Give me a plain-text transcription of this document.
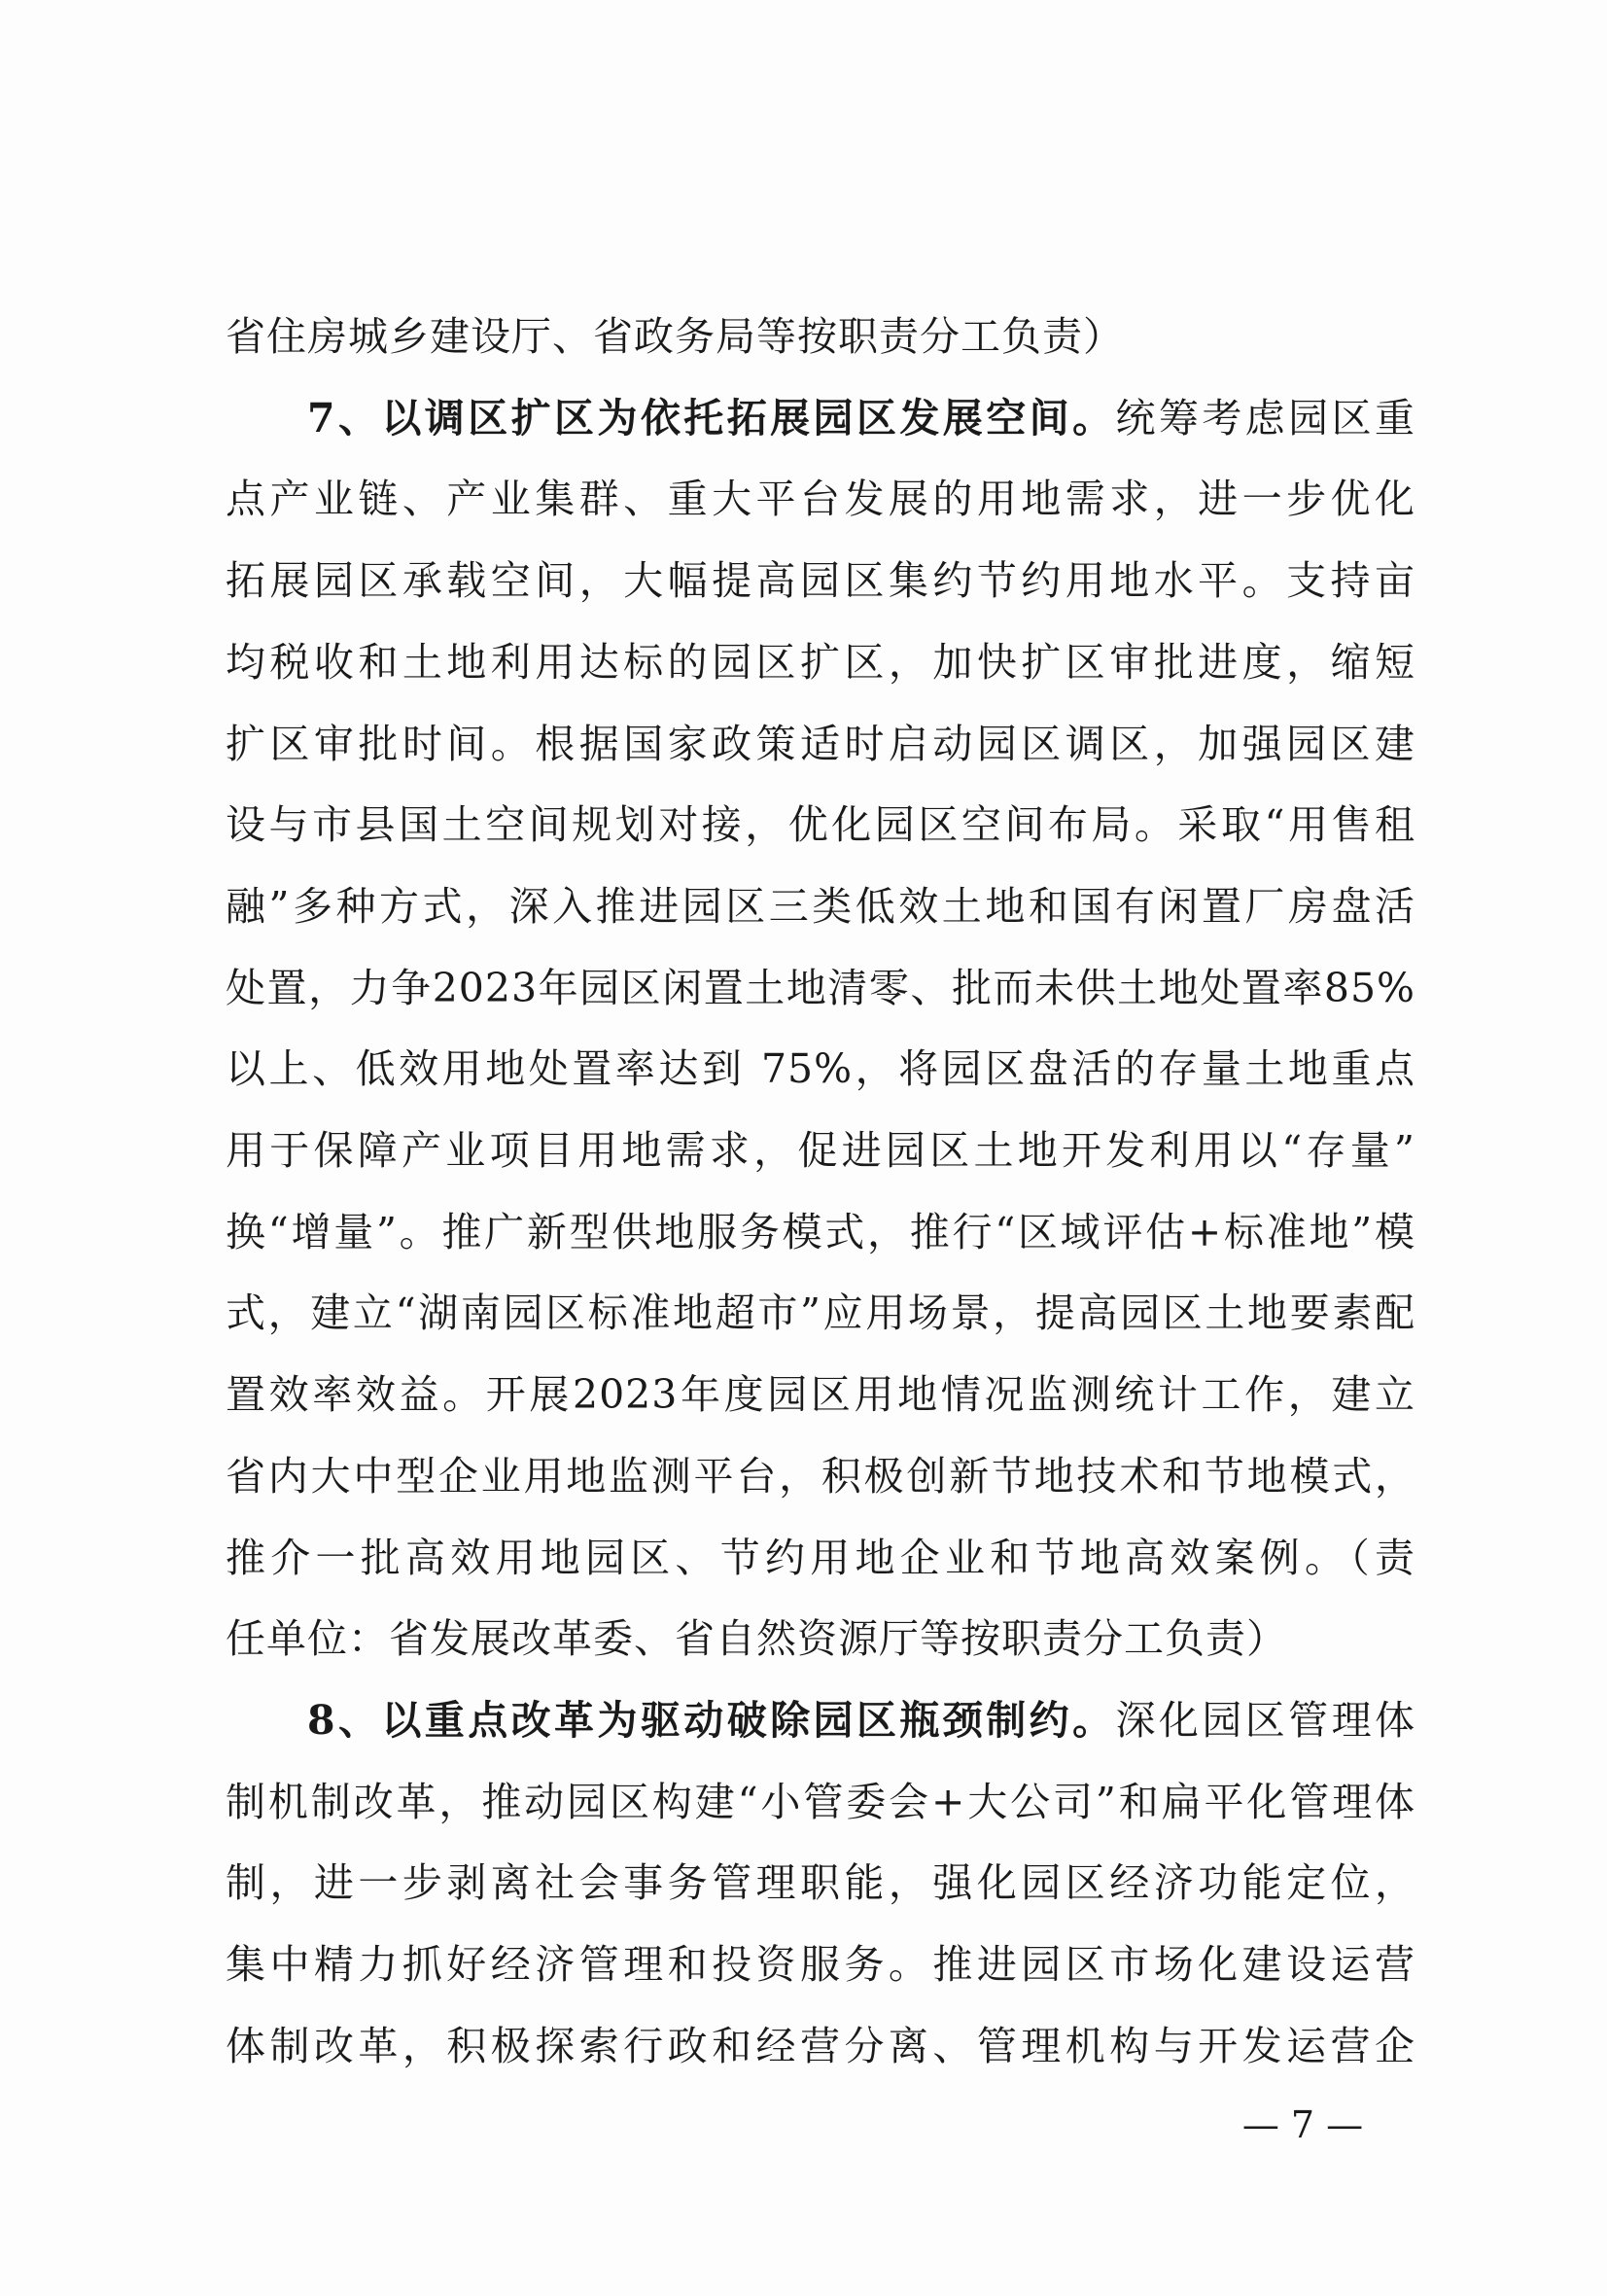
省住房城乡建设厅、省政务局等按职责分工负责）
7、以调区扩区为依托拓展园区发展空间。统筹考虑园区重
点产业链、产业集群、重大平台发展的用地需求，进一步优化
拓展园区承载空间，大幅提高园区集约节约用地水平。支持亩
均税收和土地利用达标的园区扩区，加快扩区审批进度，缩短
扩区审批时间。根据国家政策适时启动园区调区，加强园区建
设与市县国土空间规划对接，优化园区空间布局。采取“用售租
融”多种方式，深入推进园区三类低效土地和国有闲置厂房盘活
处置，力争2023年园区闲置土地清零、批而未供土地处置率85%
以上、低效用地处置率达到 75%，将园区盘活的存量土地重点
用于保障产业项目用地需求，促进园区土地开发利用以“存量”
换“增量”。推广新型供地服务模式，推行“区域评估+标准地”模
式，建立“湖南园区标准地超市”应用场景，提高园区土地要素配
置效率效益。开展2023年度园区用地情况监测统计工作，建立
省内大中型企业用地监测平台，积极创新节地技术和节地模式，
推介一批高效用地园区、节约用地企业和节地高效案例。（责
任单位：省发展改革委、省自然资源厅等按职责分工负责）
8、以重点改革为驱动破除园区瓶颈制约。深化园区管理体
制机制改革，推动园区构建“小管委会+大公司”和扁平化管理体
制，进一步剥离社会事务管理职能，强化园区经济功能定位，
集中精力抓好经济管理和投资服务。推进园区市场化建设运营
体制改革，积极探索行政和经营分离、管理机构与开发运营企
— 7 —
